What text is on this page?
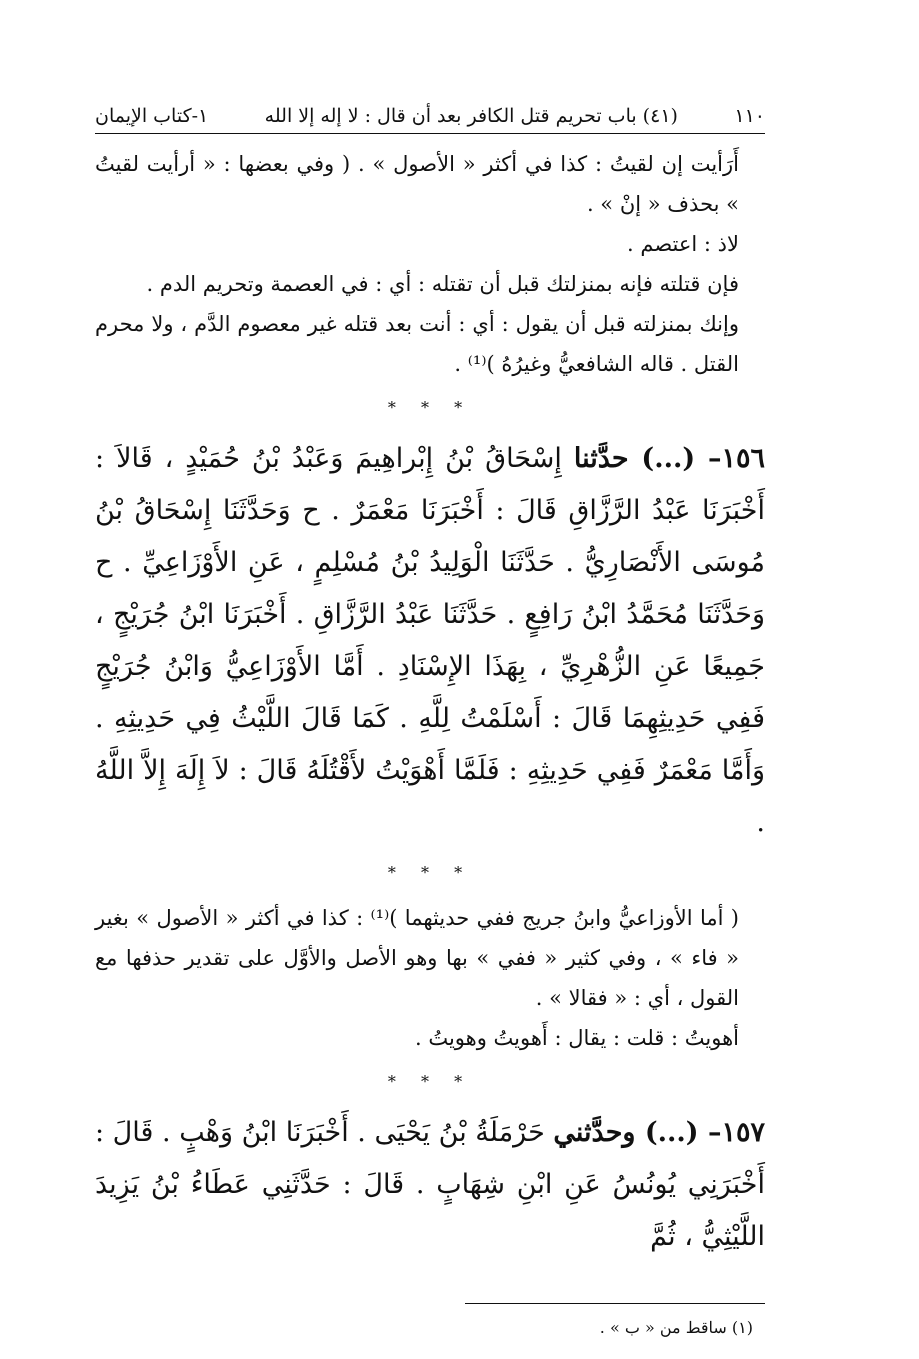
١١٠
(٤١) باب تحريم قتل الكافر بعد أن قال : لا إله إلا الله
١-كتاب الإيمان

أَرَأيت إن لقيتُ : كذا في أكثر « الأصول » . ( وفي بعضها : « أرأيت لقيتُ » بحذف « إنْ » .

لاذ : اعتصم .

فإن قتلته فإنه بمنزلتك قبل أن تقتله : أي : في العصمة وتحريم الدم .

وإنك بمنزلته قبل أن يقول : أي : أنت بعد قتله غير معصوم الدَّم ، ولا محرم القتل . قاله الشافعيُّ وغيرُهُ )⁽¹⁾ .

* * *

١٥٦– (...) حدَّثنا إِسْحَاقُ بْنُ إِبْراهِيمَ وَعَبْدُ بْنُ حُمَيْدٍ ، قَالاَ : أَخْبَرَنَا عَبْدُ الرَّزَّاقِ قَالَ : أَخْبَرَنَا مَعْمَرٌ . ح وَحَدَّثَنَا إِسْحَاقُ بْنُ مُوسَى الأَنْصَارِيُّ . حَدَّثَنَا الْوَلِيدُ بْنُ مُسْلِمٍ ، عَنِ الأَوْزَاعِيِّ . ح وَحَدَّثَنَا مُحَمَّدُ ابْنُ رَافِعٍ . حَدَّثَنَا عَبْدُ الرَّزَّاقِ . أَخْبَرَنَا ابْنُ جُرَيْجٍ ، جَمِيعًا عَنِ الزُّهْرِيِّ ، بِهَذَا الإِسْنَادِ . أَمَّا الأَوْزَاعِيُّ وَابْنُ جُرَيْجٍ فَفِي حَدِيثِهِمَا قَالَ : أَسْلَمْتُ لِلَّهِ . كَمَا قَالَ اللَّيْثُ فِي حَدِيثِهِ . وَأَمَّا مَعْمَرٌ فَفِي حَدِيثِهِ : فَلَمَّا أَهْوَيْتُ لأَقْتُلَهُ قَالَ : لاَ إِلَهَ إِلاَّ اللَّهُ .

* * *

( أما الأوزاعيُّ وابنُ جريج ففي حديثهما )⁽¹⁾ : كذا في أكثر « الأصول » بغير « فاء » ، وفي كثير « ففي » بها وهو الأصل والأوَّل على تقدير حذفها مع القول ، أي : « فقالا » .

أهويتُ : قلت : يقال : أَهويتُ وهويتُ .

* * *

١٥٧– (...) وحدَّثني حَرْمَلَةُ بْنُ يَحْيَى . أَخْبَرَنَا ابْنُ وَهْبٍ . قَالَ : أَخْبَرَنِي يُونُسُ عَنِ ابْنِ شِهَابٍ . قَالَ : حَدَّثَنِي عَطَاءُ بْنُ يَزِيدَ اللَّيْثِيُّ ، ثُمَّ

(١) ساقط من « ب » .
